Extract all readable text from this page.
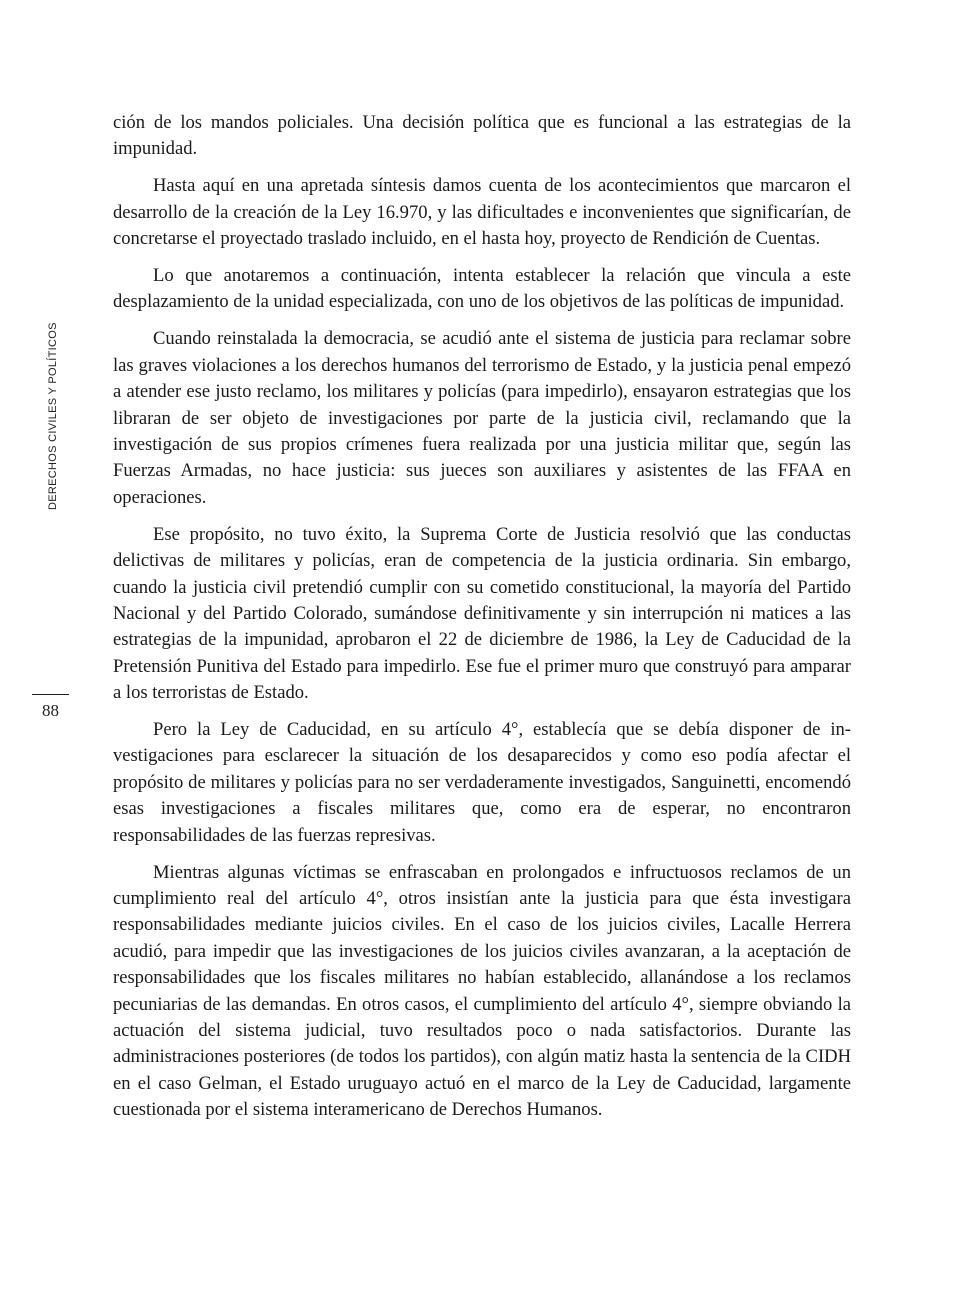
DERECHOS CIVILES Y POLÍTICOS
88

ción de los mandos policiales. Una decisión política que es funcional a las estrategias de la impunidad.

Hasta aquí en una apretada síntesis damos cuenta de los acontecimientos que marcaron el desarrollo de la creación de la Ley 16.970, y las dificultades e inconvenientes que significarían, de concretarse el proyectado traslado incluido, en el hasta hoy, proyecto de Rendición de Cuentas.

Lo que anotaremos a continuación, intenta establecer la relación que vincula a este desplazamiento de la unidad especializada, con uno de los objetivos de las políticas de impunidad.

Cuando reinstalada la democracia, se acudió ante el sistema de justicia para reclamar sobre las graves violaciones a los derechos humanos del terrorismo de Estado, y la justicia penal empezó a atender ese justo reclamo, los militares y policías (para impedirlo), ensayaron estrategias que los libraran de ser objeto de investigaciones por parte de la justicia civil, reclamando que la investigación de sus propios crímenes fuera realizada por una justicia militar que, según las Fuerzas Armadas, no hace justicia: sus jueces son auxiliares y asistentes de las FFAA en operaciones.

Ese propósito, no tuvo éxito, la Suprema Corte de Justicia resolvió que las conductas delictivas de militares y policías, eran de competencia de la justicia ordinaria. Sin embargo, cuando la justicia civil pretendió cumplir con su cometido constitucional, la mayoría del Partido Nacional y del Partido Colorado, sumándose definitivamente y sin interrupción ni matices a las estrategias de la impunidad, aprobaron el 22 de diciembre de 1986, la Ley de Caducidad de la Pretensión Punitiva del Estado para impedirlo. Ese fue el primer muro que construyó para amparar a los terroristas de Estado.

Pero la Ley de Caducidad, en su artículo 4°, establecía que se debía disponer de investigaciones para esclarecer la situación de los desaparecidos y como eso podía afectar el propósito de militares y policías para no ser verdaderamente investigados, Sanguinetti, encomendó esas investigaciones a fiscales militares que, como era de esperar, no encontraron responsabilidades de las fuerzas represivas.

Mientras algunas víctimas se enfrascaban en prolongados e infructuosos reclamos de un cumplimiento real del artículo 4°, otros insistían ante la justicia para que ésta investigara responsabilidades mediante juicios civiles. En el caso de los juicios civiles, Lacalle Herrera acudió, para impedir que las investigaciones de los juicios civiles avanzaran, a la aceptación de responsabilidades que los fiscales militares no habían establecido, allanándose a los reclamos pecuniarias de las demandas. En otros casos, el cumplimiento del artículo 4°, siempre obviando la actuación del sistema judicial, tuvo resultados poco o nada satisfactorios. Durante las administraciones posteriores (de todos los partidos), con algún matiz hasta la sentencia de la CIDH en el caso Gelman, el Estado uruguayo actuó en el marco de la Ley de Caducidad, largamente cuestionada por el sistema interamericano de Derechos Humanos.
